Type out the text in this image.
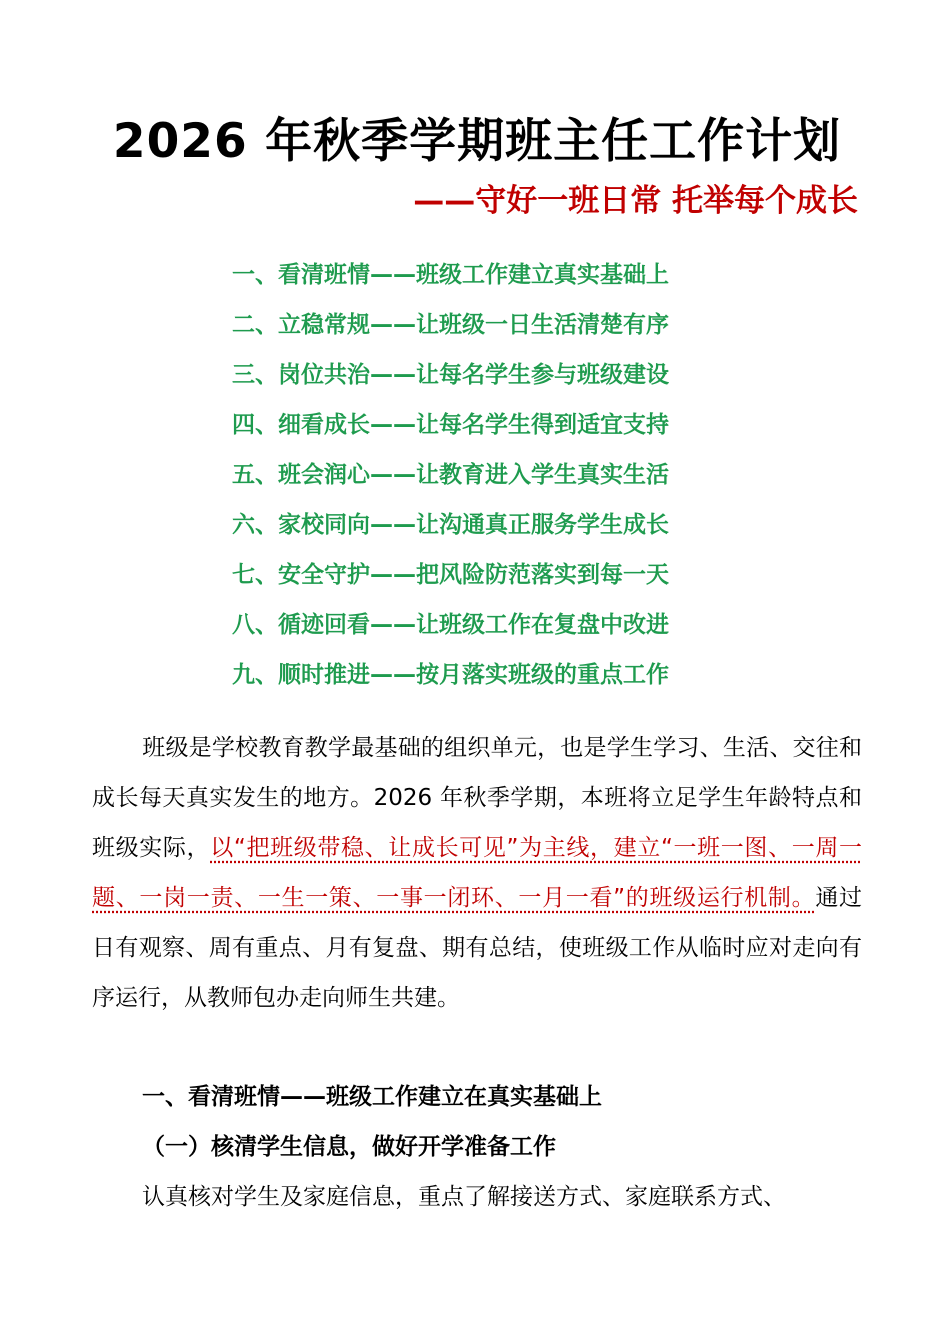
2026 年秋季学期班主任工作计划
——守好一班日常 托举每个成长
一、看清班情——班级工作建立真实基础上
二、立稳常规——让班级一日生活清楚有序
三、岗位共治——让每名学生参与班级建设
四、细看成长——让每名学生得到适宜支持
五、班会润心——让教育进入学生真实生活
六、家校同向——让沟通真正服务学生成长
七、安全守护——把风险防范落实到每一天
八、循迹回看——让班级工作在复盘中改进
九、顺时推进——按月落实班级的重点工作

班级是学校教育教学最基础的组织单元，也是学生学习、生活、交往和成长每天真实发生的地方。2026 年秋季学期，本班将立足学生年龄特点和班级实际，以“把班级带稳、让成长可见”为主线，建立“一班一图、一周一题、一岗一责、一生一策、一事一闭环、一月一看”的班级运行机制。通过日有观察、周有重点、月有复盘、期有总结，使班级工作从临时应对走向有序运行，从教师包办走向师生共建。

一、看清班情——班级工作建立在真实基础上
（一）核清学生信息，做好开学准备工作

认真核对学生及家庭信息，重点了解接送方式、家庭联系方式、
